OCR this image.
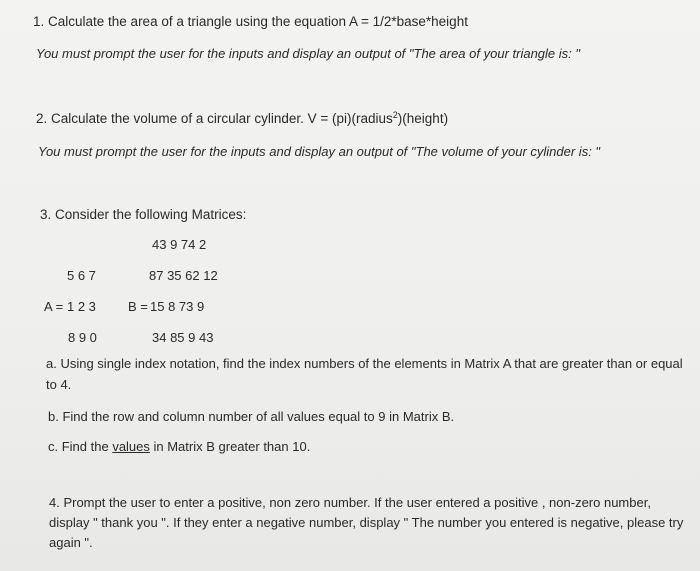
1. Calculate the area of a triangle using the equation A = 1/2*base*height
You must prompt the user for the inputs and display an output of "The area of your triangle is: "
2. Calculate the volume of a circular cylinder. V = (pi)(radius$^2$)(height)
You must prompt the user for the inputs and display an output of "The volume of your cylinder is: "
3. Consider the following Matrices:
43 9 74 2
87 35 62 12
B = 15 8 73 9
34 85 9 43
5 6 7
A = 1 2 3
8 9 0
a. Using single index notation, find the index numbers of the elements in Matrix A that are greater than or equal to 4.
b. Find the row and column number of all values equal to 9 in Matrix B.
c. Find the values in Matrix B greater than 10.
4. Prompt the user to enter a positive, non zero number. If the user entered a positive , non-zero number, display " thank you ". If they enter a negative number, display " The number you entered is negative, please try again ".
